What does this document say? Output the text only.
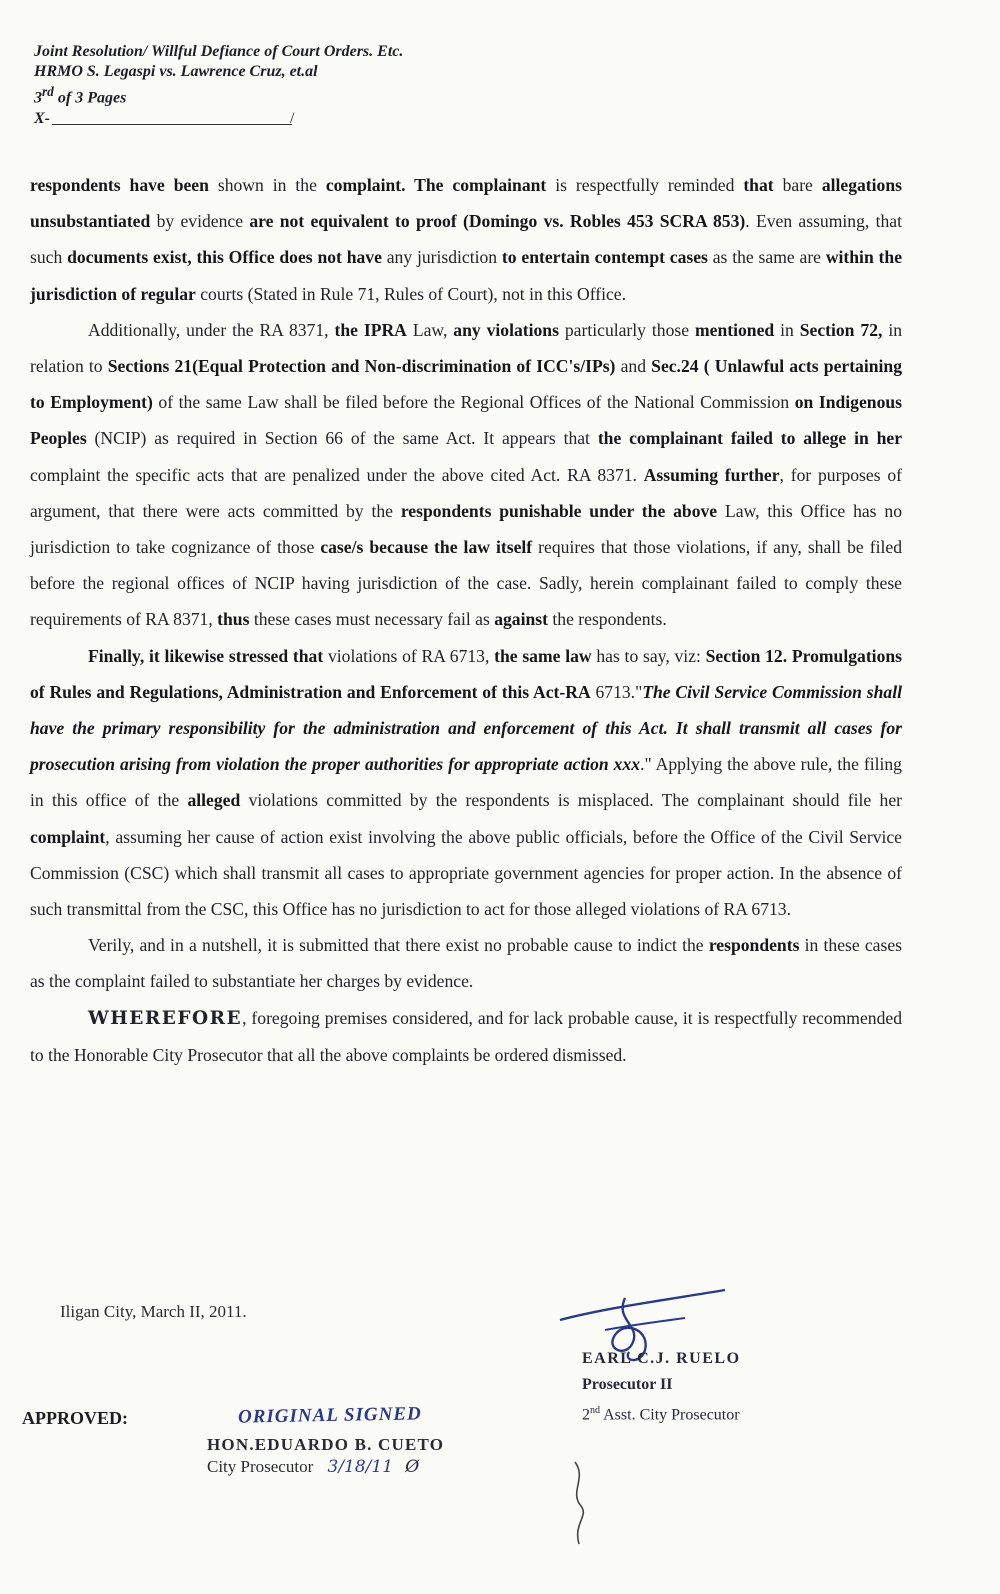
Joint Resolution/ Willful Defiance of Court Orders. Etc.
HRMO S. Legaspi vs. Lawrence Cruz, et.al
3rd of 3 Pages
X-	/

respondents have been shown in the complaint. The complainant is respectfully reminded that bare allegations unsubstantiated by evidence are not equivalent to proof (Domingo vs. Robles 453 SCRA 853). Even assuming, that such documents exist, this Office does not have any jurisdiction to entertain contempt cases as the same are within the jurisdiction of regular courts (Stated in Rule 71, Rules of Court), not in this Office.

Additionally, under the RA 8371, the IPRA Law, any violations particularly those mentioned in Section 72, in relation to Sections 21(Equal Protection and Non-discrimination of ICC's/IPs) and Sec.24 ( Unlawful acts pertaining to Employment) of the same Law shall be filed before the Regional Offices of the National Commission on Indigenous Peoples (NCIP) as required in Section 66 of the same Act. It appears that the complainant failed to allege in her complaint the specific acts that are penalized under the above cited Act. RA 8371. Assuming further, for purposes of argument, that there were acts committed by the respondents punishable under the above Law, this Office has no jurisdiction to take cognizance of those case/s because the law itself requires that those violations, if any, shall be filed before the regional offices of NCIP having jurisdiction of the case. Sadly, herein complainant failed to comply these requirements of RA 8371, thus these cases must necessary fail as against the respondents.

Finally, it likewise stressed that violations of RA 6713, the same law has to say, viz: Section 12. Promulgations of Rules and Regulations, Administration and Enforcement of this Act-RA 6713."The Civil Service Commission shall have the primary responsibility for the administration and enforcement of this Act. It shall transmit all cases for prosecution arising from violation the proper authorities for appropriate action xxx." Applying the above rule, the filing in this office of the alleged violations committed by the respondents is misplaced. The complainant should file her complaint, assuming her cause of action exist involving the above public officials, before the Office of the Civil Service Commission (CSC) which shall transmit all cases to appropriate government agencies for proper action. In the absence of such transmittal from the CSC, this Office has no jurisdiction to act for those alleged violations of RA 6713.

Verily, and in a nutshell, it is submitted that there exist no probable cause to indict the respondents in these cases as the complaint failed to substantiate her charges by evidence.

WHEREFORE, foregoing premises considered, and for lack probable cause, it is respectfully recommended to the Honorable City Prosecutor that all the above complaints be ordered dismissed.

Iligan City, March II, 2011.
EARL C.J. RUELO
Prosecutor II
2nd Asst. City Prosecutor
APPROVED:	ORIGINAL SIGNED
HON.EDUARDO B. CUETO
City Prosecutor 3/18/11 Ø
